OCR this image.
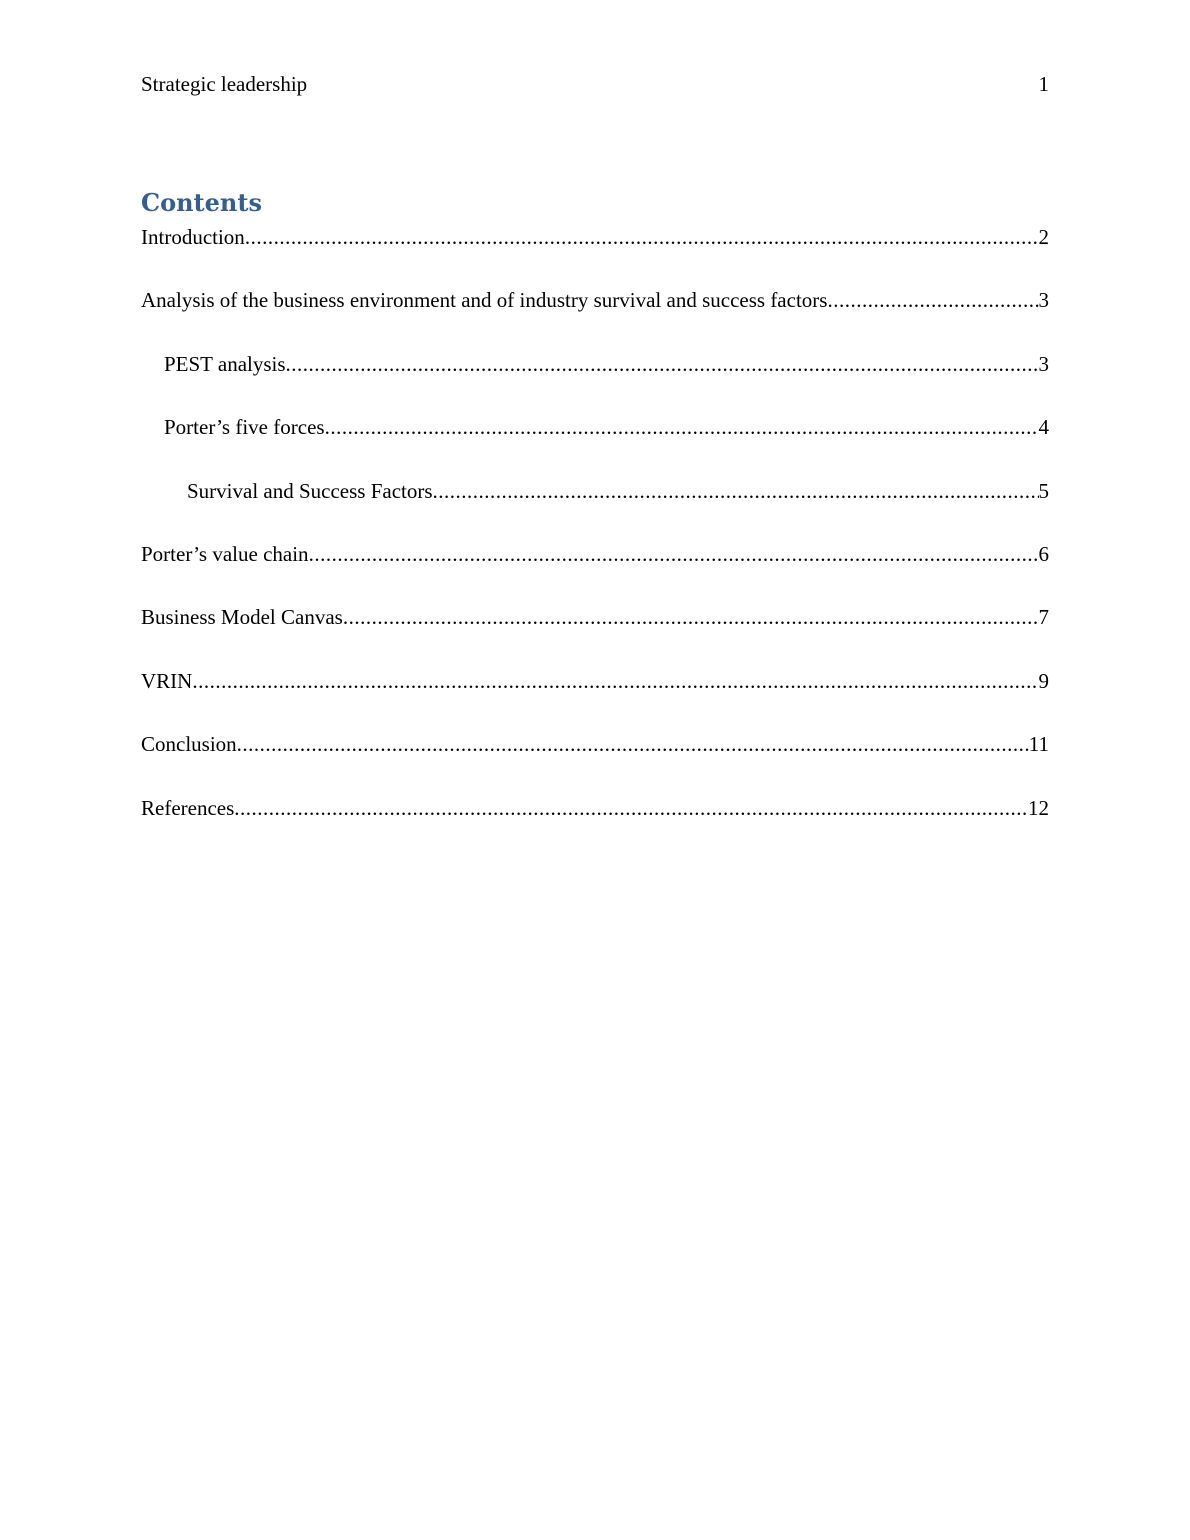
Strategic leadership	1
Contents
Introduction .....	2
Analysis of the business environment and of industry survival and success factors .....	3
PEST analysis .....	3
Porter’s five forces .....	4
Survival and Success Factors .....	5
Porter’s value chain .....	6
Business Model Canvas .....	7
VRIN .....	9
Conclusion .....	11
References .....	12
